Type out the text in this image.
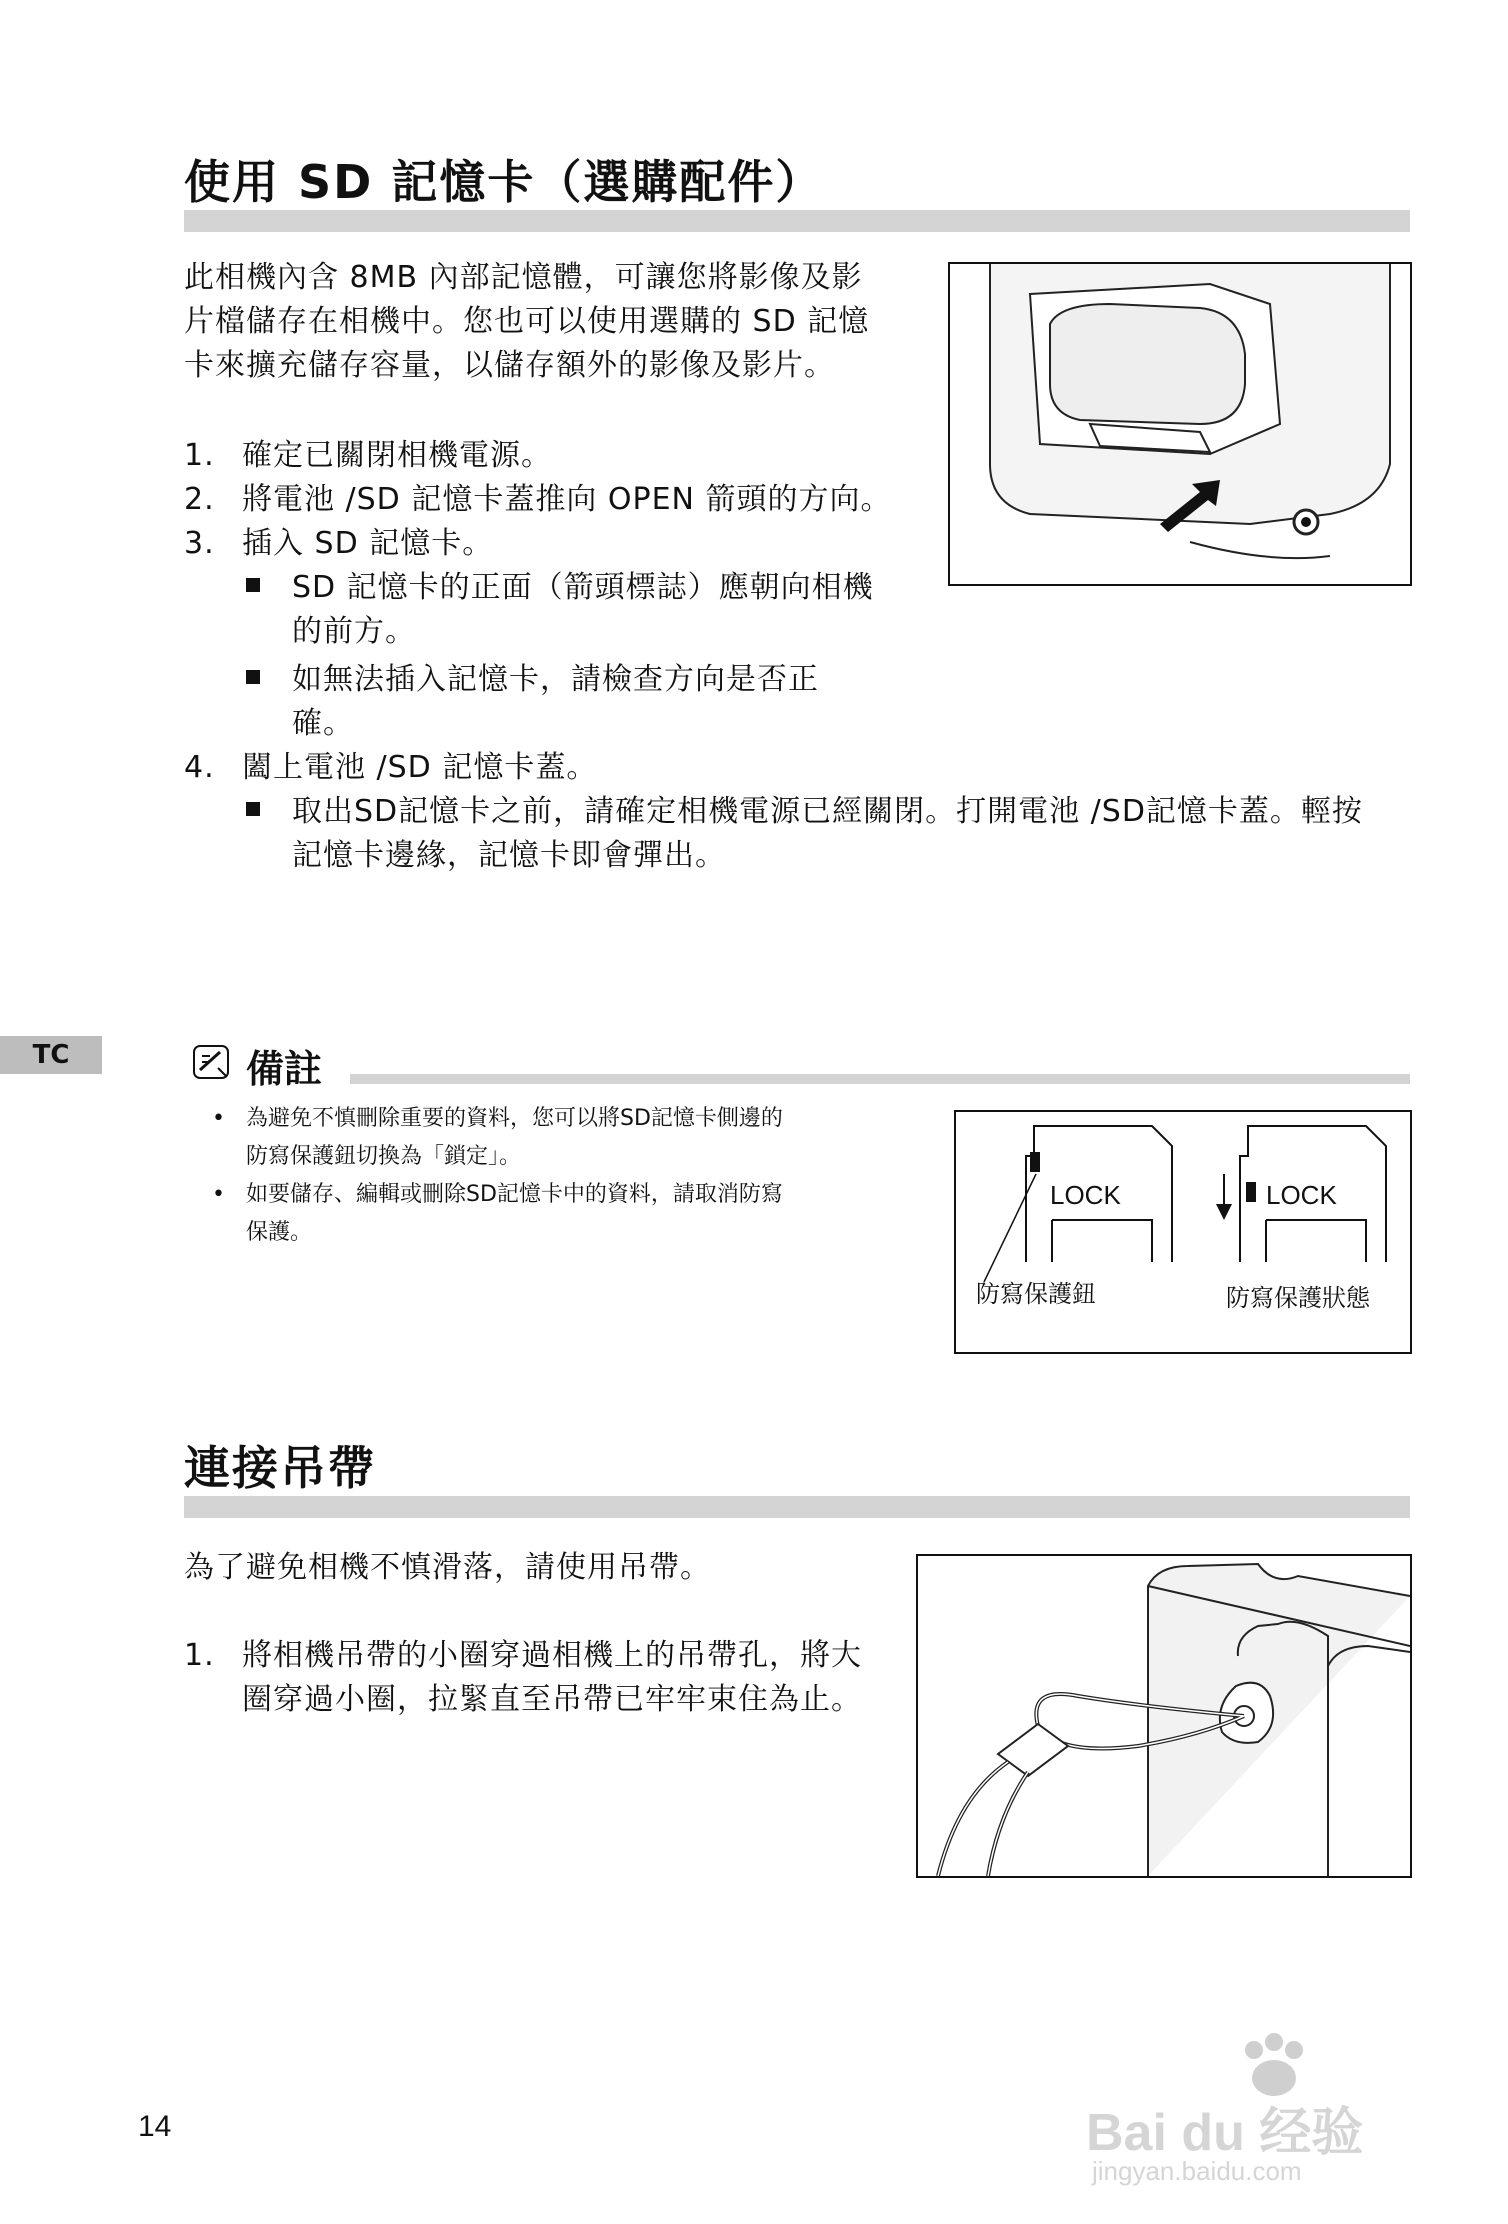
使用 SD 記憶卡（選購配件）
此相機內含 8MB 內部記憶體，可讓您將影像及影
片檔儲存在相機中。您也可以使用選購的 SD 記憶
卡來擴充儲存容量，以儲存額外的影像及影片。
1. 確定已關閉相機電源。
2. 將電池 /SD 記憶卡蓋推向 OPEN 箭頭的方向。
3. 插入 SD 記憶卡。
SD 記憶卡的正面（箭頭標誌）應朝向相機
的前方。
如無法插入記憶卡，請檢查方向是否正
確。
4. 闔上電池 /SD 記憶卡蓋。
取出SD記憶卡之前，請確定相機電源已經關閉。打開電池 /SD記憶卡蓋。輕按
記憶卡邊緣，記憶卡即會彈出。
TC	備註
• 為避免不慎刪除重要的資料，您可以將SD記憶卡側邊的
防寫保護鈕切換為「鎖定」。
• 如要儲存、編輯或刪除SD記憶卡中的資料，請取消防寫
保護。
LOCK	LOCK
防寫保護鈕	防寫保護狀態
連接吊帶
為了避免相機不慎滑落，請使用吊帶。
1. 將相機吊帶的小圈穿過相機上的吊帶孔，將大
圈穿過小圈，拉緊直至吊帶已牢牢束住為止。
14	Bai du 经验
jingyan.baidu.com
